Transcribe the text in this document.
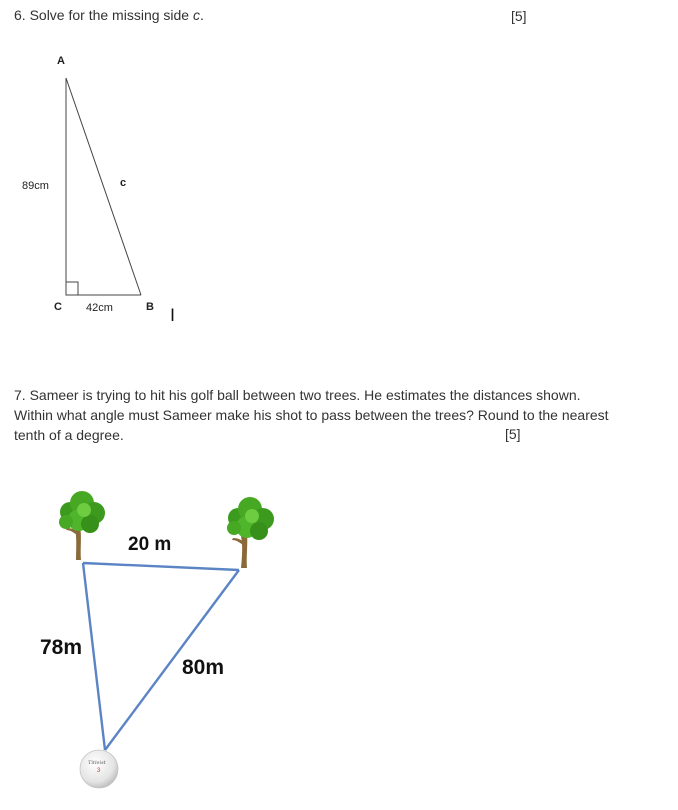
6. Solve for the missing side c.	[5]
A
89cm	c
C 42cm	B I
7. Sameer is trying to hit his golf ball between two trees. He estimates the distances shown.
Within what angle must Sameer make his shot to pass between the trees? Round to the nearest
tenth of a degree.	[5]
20 m
78m
80m
Titleist
3
